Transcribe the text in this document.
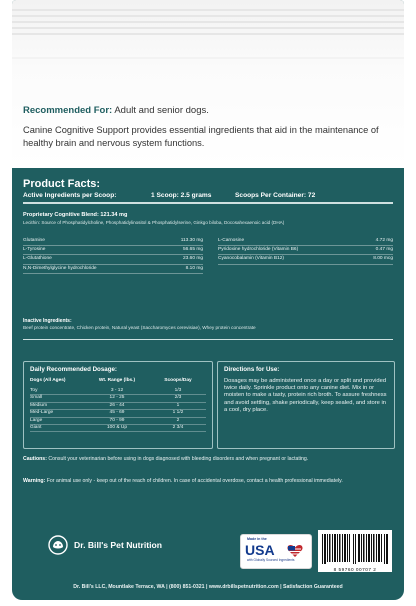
Recommended For: Adult and senior dogs.
Canine Cognitive Support provides essential ingredients that aid in the maintenance of healthy brain and nervous system functions.
Product Facts:
Active Ingredients per Scoop:	1 Scoop: 2.5 grams	Scoops Per Container: 72
Proprietary Cognitive Blend: 121.34 mg
Lecithin: Source of Phosphatidylcholine, Phosphatidylinositol & Phosphatidylserine, Ginkgo biloba, Docosahexaenoic acid (DHA)
Glutamine	113.30 mg
L-Tyrosine	56.65 mg
L-Glutathione	23.60 mg
N,N-Dimethylglycine hydrochloride	8.10 mg
L-Carnosine	4.72 mg
Pyridoxine hydrochloride (Vitamin B6)	0.47 mg
Cyanocobalamin (Vitamin B12)	8.00 mcg
Inactive Ingredients:
Beef protein concentrate, Chicken protein, Natural yeast (Saccharomyces cerevisiae), Whey protein concentrate
Daily Recommended Dosage:
Dogs (All Ages)	Wt. Range (lbs.)	Scoops/Day
Toy	3 - 12	1/3
Small	12 - 25	2/3
Medium	26 - 44	1
Med-Large	45 - 69	1 1/2
Large	70 - 99	2
Giant	100 & Up	2 3/4
Directions for Use:
Dosages may be administered once a day or split and provided twice daily. Sprinkle product onto any canine diet. Mix in or moisten to make a tasty, protein rich broth. To assure freshness and avoid settling, shake periodically, keep sealed, and store in a cool, dry place.
Cautions: Consult your veterinarian before using in dogs diagnosed with bleeding disorders and when pregnant or lactating.
Warning: For animal use only - keep out of the reach of children. In case of accidental overdose, contact a health professional immediately.
Dr. Bill's Pet Nutrition
Made in the
USA
with Globally Sourced Ingredients
8 59760 00707 2
Dr. Bill's LLC, Mountlake Terrace, WA | (800) 851-0321 | www.drbillspetnutrition.com | Satisfaction Guaranteed
